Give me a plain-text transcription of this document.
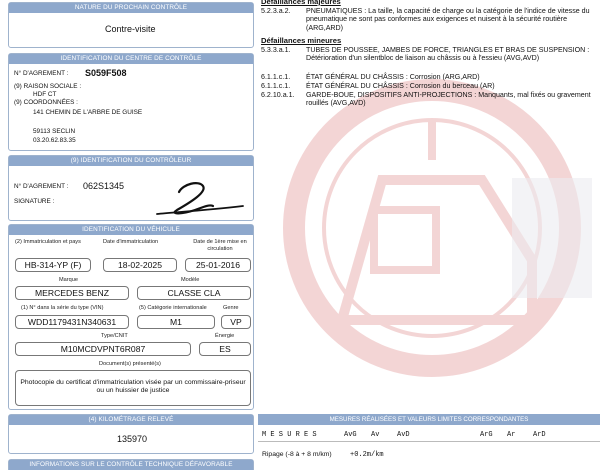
NATURE DU PROCHAIN CONTRÔLE
Contre-visite
IDENTIFICATION DU CENTRE DE CONTRÔLE
N° D'AGREMENT : S059F508
(9) RAISON SOCIALE :
HDF CT
(9) COORDONNÉES :
141 CHEMIN DE L'ARBRE DE GUISE
59113 SECLIN
03.20.62.83.35
(9) IDENTIFICATION DU CONTRÔLEUR
N° D'AGREMENT : 062S1345
SIGNATURE :
IDENTIFICATION DU VÉHICULE
(2) Immatriculation et pays	Date d'immatriculation	Date de 1ère mise en circulation
HB-314-YP (F)	18-02-2025	25-01-2016
Marque	Modèle
MERCEDES BENZ	CLASSE CLA
(1) N° dans la série du type (VIN)	(5) Catégorie internationale	Genre
WDD1179431N340631	M1	VP
Type/CNIT	Énergie
M10MCDVPNT6R087	ES
Document(s) présenté(s)
Photocopie du certificat d'immatriculation visée par un commissaire-priseur ou un huissier de justice
(4) KILOMÉTRAGE RELEVÉ
135970
INFORMATIONS SUR LE CONTRÔLE TECHNIQUE DÉFAVORABLE
Défaillances majeures
5.2.3.a.2.	PNEUMATIQUES : La taille, la capacité de charge ou la catégorie de l'indice de vitesse du pneumatique ne sont pas conformes aux exigences et nuisent à la sécurité routière (ARG,ARD)
Défaillances mineures
5.3.3.a.1.	TUBES DE POUSSEE, JAMBES DE FORCE, TRIANGLES ET BRAS DE SUSPENSION : Détérioration d'un silentbloc de liaison au châssis ou à l'essieu (AVG,AVD)
6.1.1.c.1.	ÉTAT GÉNÉRAL DU CHÂSSIS : Corrosion (ARG,ARD)
6.1.1.c.1.	ÉTAT GÉNÉRAL DU CHÂSSIS : Corrosion du berceau (AR)
6.2.10.a.1.	GARDE-BOUE, DISPOSITIFS ANTI-PROJECTIONS : Manquants, mal fixés ou gravement rouillés (AVG,AVD)
MESURES RÉALISÉES ET VALEURS LIMITES CORRESPONDANTES
M E S U R E S	AvG Av	AvD	ArG Ar	ArD
Ripage (-8 à + 8 m/km)	+0.2m/km
